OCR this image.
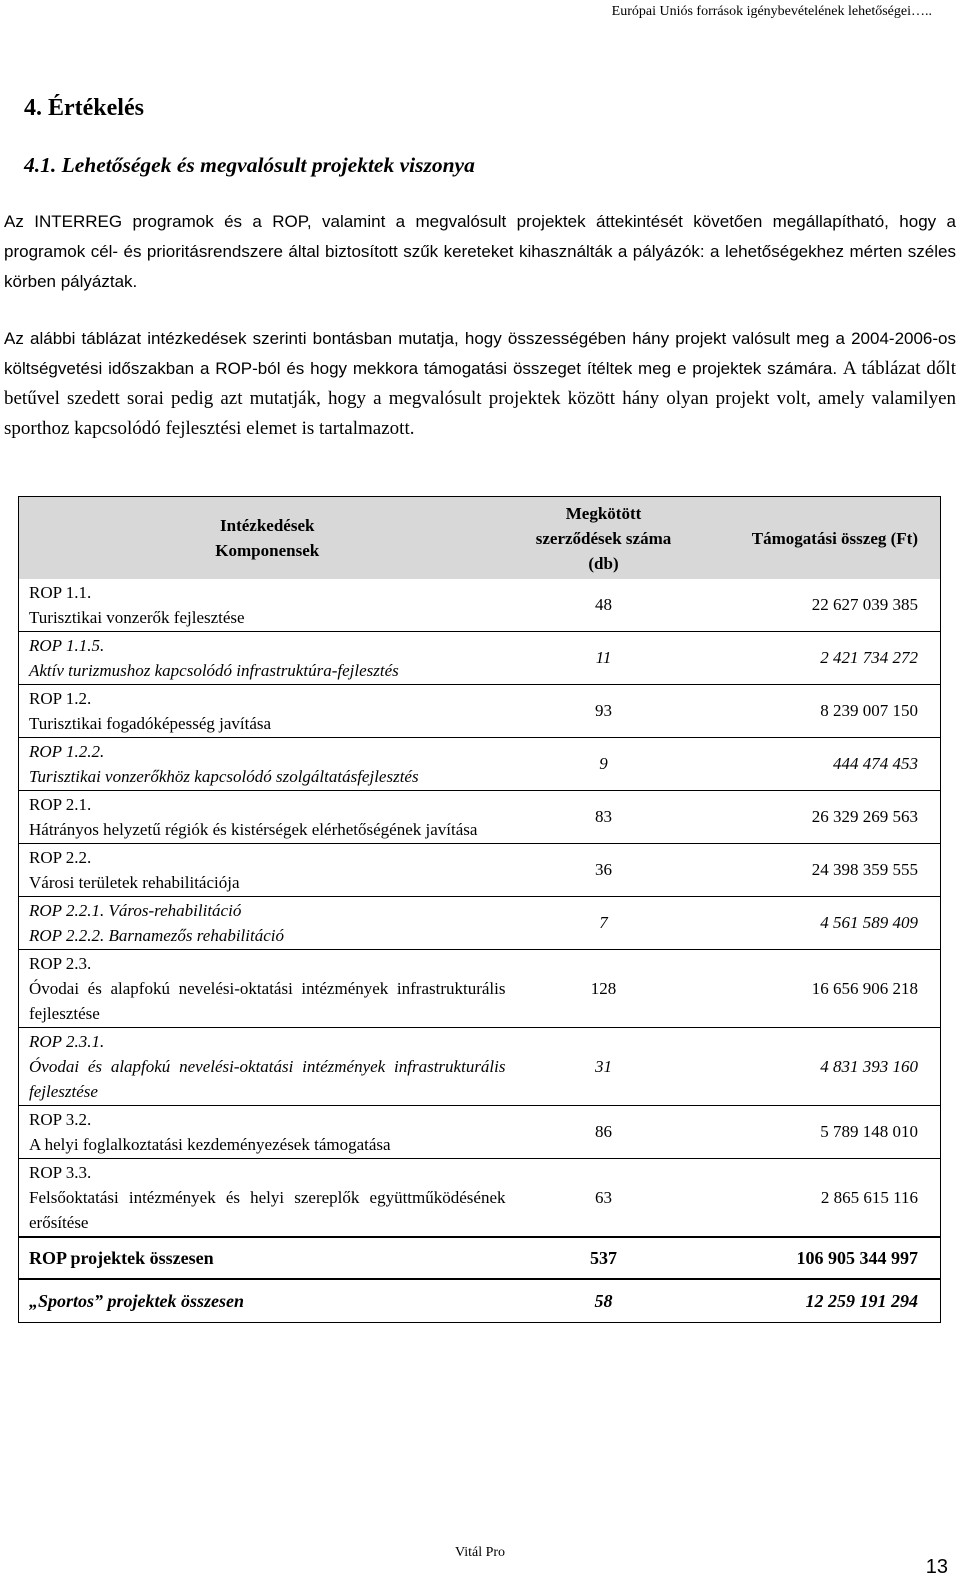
Európai Uniós források igénybevételének lehetőségei…..
4. Értékelés
4.1. Lehetőségek és megvalósult projektek viszonya

Az INTERREG programok és a ROP, valamint a megvalósult projektek áttekintését követően megállapítható, hogy a programok cél- és prioritásrendszere által biztosított szűk kereteket kihasználták a pályázók: a lehetőségekhez mérten széles körben pályáztak.

Az alábbi táblázat intézkedések szerinti bontásban mutatja, hogy összességében hány projekt valósult meg a 2004-2006-os költségvetési időszakban a ROP-ból és hogy mekkora támogatási összeget ítéltek meg e projektek számára. A táblázat dőlt betűvel szedett sorai pedig azt mutatják, hogy a megvalósult projektek között hány olyan projekt volt, amely valamilyen sporthoz kapcsolódó fejlesztési elemet is tartalmazott.

Intézkedések
Komponensek	Megkötött szerződések száma (db)	Támogatási összeg (Ft)

ROP 1.1.
Turisztikai vonzerők fejlesztése	48	22 627 039 385

ROP 1.1.5.
Aktív turizmushoz kapcsolódó infrastruktúra-fejlesztés	11	2 421 734 272

ROP 1.2.
Turisztikai fogadóképesség javítása	93	8 239 007 150

ROP 1.2.2.
Turisztikai vonzerőkhöz kapcsolódó szolgáltatásfejlesztés	9	444 474 453

ROP 2.1.
Hátrányos helyzetű régiók és kistérségek elérhetőségének javítása	83	26 329 269 563

ROP 2.2.
Városi területek rehabilitációja	36	24 398 359 555

ROP 2.2.1. Város-rehabilitáció
ROP 2.2.2. Barnamezős rehabilitáció	7	4 561 589 409

ROP 2.3.
Óvodai és alapfokú nevelési-oktatási intézmények infrastrukturális fejlesztése	128	16 656 906 218

ROP 2.3.1.
Óvodai és alapfokú nevelési-oktatási intézmények infrastrukturális fejlesztése	31	4 831 393 160

ROP 3.2.
A helyi foglalkoztatási kezdeményezések támogatása	86	5 789 148 010

ROP 3.3.
Felsőoktatási intézmények és helyi szereplők együttműködésének erősítése	63	2 865 615 116
ROP projektek összesen	537	106 905 344 997
„Sportos” projektek összesen	58	12 259 191 294
Vitál Pro
13
